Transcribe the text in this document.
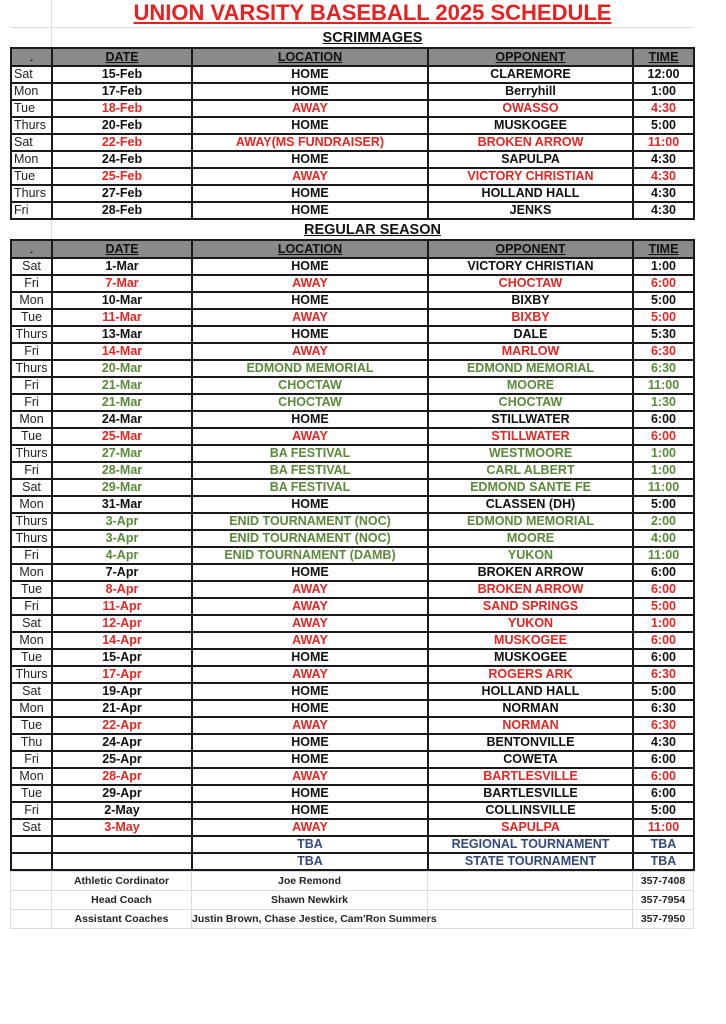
UNION VARSITY BASEBALL 2025 SCHEDULE
SCRIMMAGES
-	DATE	LOCATION	OPPONENT	TIME
Sat	15-Feb	HOME	CLAREMORE	12:00
Mon	17-Feb	HOME	Berryhill	1:00
Tue	18-Feb	AWAY	OWASSO	4:30
Thurs	20-Feb	HOME	MUSKOGEE	5:00
Sat	22-Feb	AWAY(MS FUNDRAISER)	BROKEN ARROW	11:00
Mon	24-Feb	HOME	SAPULPA	4:30
Tue	25-Feb	AWAY	VICTORY CHRISTIAN	4:30
Thurs	27-Feb	HOME	HOLLAND HALL	4:30
Fri	28-Feb	HOME	JENKS	4:30
REGULAR SEASON
-	DATE	LOCATION	OPPONENT	TIME
Sat	1-Mar	HOME	VICTORY CHRISTIAN	1:00
Fri	7-Mar	AWAY	CHOCTAW	6:00
Mon	10-Mar	HOME	BIXBY	5:00
Tue	11-Mar	AWAY	BIXBY	5:00
Thurs	13-Mar	HOME	DALE	5:30
Fri	14-Mar	AWAY	MARLOW	6:30
Thurs	20-Mar	EDMOND MEMORIAL	EDMOND MEMORIAL	6:30
Fri	21-Mar	CHOCTAW	MOORE	11:00
Fri	21-Mar	CHOCTAW	CHOCTAW	1:30
Mon	24-Mar	HOME	STILLWATER	6:00
Tue	25-Mar	AWAY	STILLWATER	6:00
Thurs	27-Mar	BA FESTIVAL	WESTMOORE	1:00
Fri	28-Mar	BA FESTIVAL	CARL ALBERT	1:00
Sat	29-Mar	BA FESTIVAL	EDMOND SANTE FE	11:00
Mon	31-Mar	HOME	CLASSEN (DH)	5:00
Thurs	3-Apr	ENID TOURNAMENT (NOC)	EDMOND MEMORIAL	2:00
Thurs	3-Apr	ENID TOURNAMENT (NOC)	MOORE	4:00
Fri	4-Apr	ENID TOURNAMENT (DAMB)	YUKON	11:00
Mon	7-Apr	HOME	BROKEN ARROW	6:00
Tue	8-Apr	AWAY	BROKEN ARROW	6:00
Fri	11-Apr	AWAY	SAND SPRINGS	5:00
Sat	12-Apr	AWAY	YUKON	1:00
Mon	14-Apr	AWAY	MUSKOGEE	6:00
Tue	15-Apr	HOME	MUSKOGEE	6:00
Thurs	17-Apr	AWAY	ROGERS ARK	6:30
Sat	19-Apr	HOME	HOLLAND HALL	5:00
Mon	21-Apr	HOME	NORMAN	6:30
Tue	22-Apr	AWAY	NORMAN	6:30
Thu	24-Apr	HOME	BENTONVILLE	4:30
Fri	25-Apr	HOME	COWETA	6:00
Mon	28-Apr	AWAY	BARTLESVILLE	6:00
Tue	29-Apr	HOME	BARTLESVILLE	6:00
Fri	2-May	HOME	COLLINSVILLE	5:00
Sat	3-May	AWAY	SAPULPA	11:00
		TBA	REGIONAL TOURNAMENT	TBA
		TBA	STATE TOURNAMENT	TBA
	Athletic Cordinator	Joe Remond		357-7408
	Head Coach	Shawn Newkirk		357-7954
	Assistant Coaches	Justin Brown, Chase Jestice, Cam'Ron Summers		357-7950
